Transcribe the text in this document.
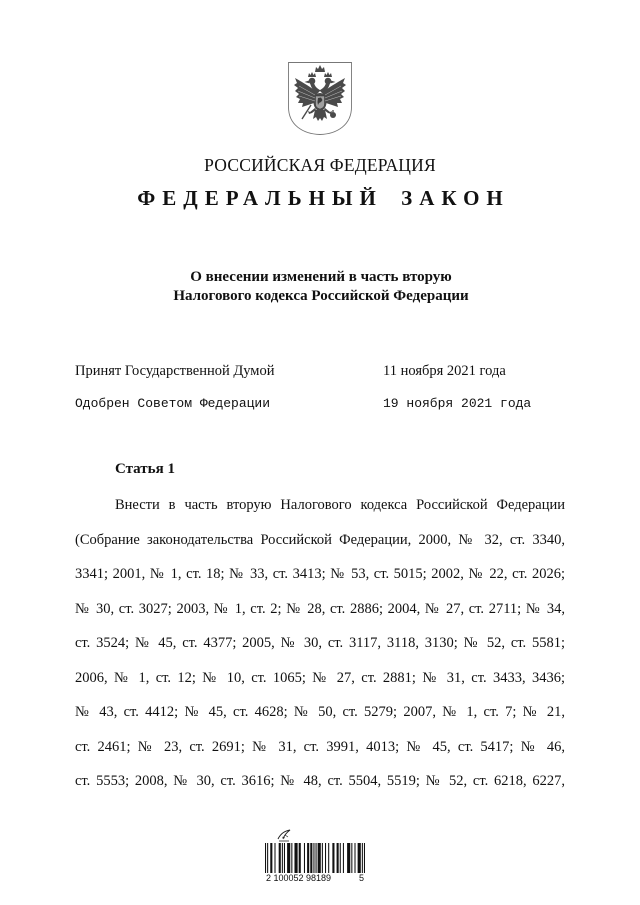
РОССИЙСКАЯ ФЕДЕРАЦИЯ
ФЕДЕРАЛЬНЫЙ ЗАКОН
О внесении изменений в часть вторую
Налогового кодекса Российской Федерации
Принят Государственной Думой	11 ноября 2021 года
Одобрен Советом Федерации	19 ноября 2021 года
Статья 1
Внести в часть вторую Налогового кодекса Российской Федерации
(Собрание законодательства Российской Федерации, 2000, № 32, ст. 3340,
3341; 2001, № 1, ст. 18; № 33, ст. 3413; № 53, ст. 5015; 2002, № 22, ст. 2026;
№ 30, ст. 3027; 2003, № 1, ст. 2; № 28, ст. 2886; 2004, № 27, ст. 2711; № 34,
ст. 3524; № 45, ст. 4377; 2005, № 30, ст. 3117, 3118, 3130; № 52, ст. 5581;
2006, № 1, ст. 12; № 10, ст. 1065; № 27, ст. 2881; № 31, ст. 3433, 3436;
№ 43, ст. 4412; № 45, ст. 4628; № 50, ст. 5279; 2007, № 1, ст. 7; № 21,
ст. 2461; № 23, ст. 2691; № 31, ст. 3991, 4013; № 45, ст. 5417; № 46,
ст. 5553; 2008, № 30, ст. 3616; № 48, ст. 5504, 5519; № 52, ст. 6218, 6227,
2 100052 98189	5
